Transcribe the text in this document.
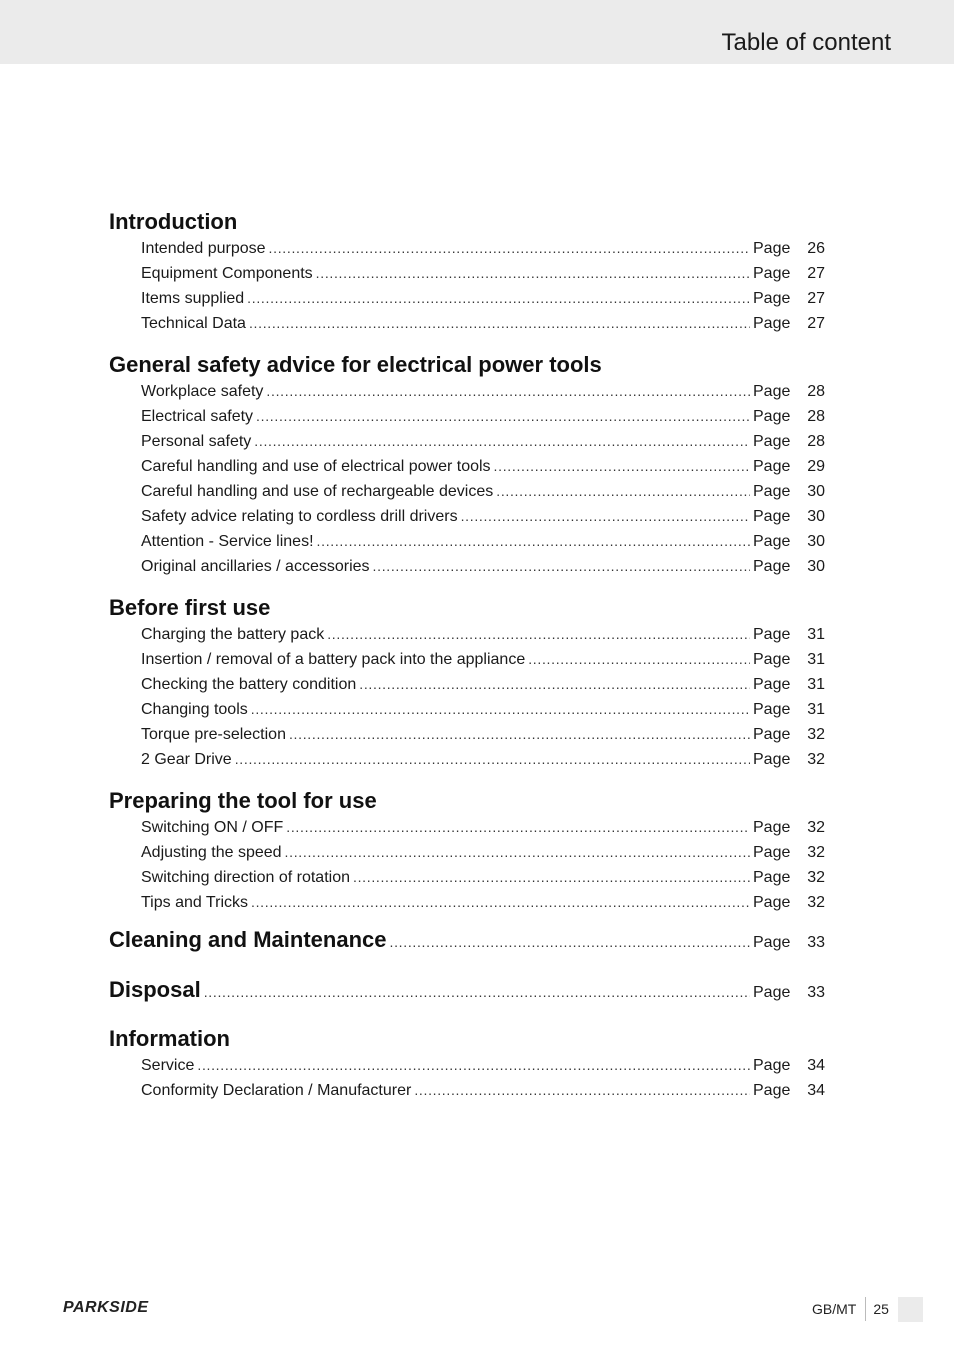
Table of content
Introduction
Intended purpose . . .	Page	26
Equipment Components . . .	Page	27
Items supplied . . .	Page	27
Technical Data . . .	Page	27
General safety advice for electrical power tools
Workplace safety . . .	Page	28
Electrical safety . . .	Page	28
Personal safety . . .	Page	28
Careful handling and use of electrical power tools . . .	Page	29
Careful handling and use of rechargeable devices . . .	Page	30
Safety advice relating to cordless drill drivers . . .	Page	30
Attention - Service lines! . . .	Page	30
Original ancillaries / accessories . . .	Page	30
Before first use
Charging the battery pack . . .	Page	31
Insertion / removal of a battery pack into the appliance . . .	Page	31
Checking the battery condition . . .	Page	31
Changing tools . . .	Page	31
Torque pre-selection . . .	Page	32
2 Gear Drive . . .	Page	32
Preparing the tool for use
Switching ON / OFF . . .	Page	32
Adjusting the speed . . .	Page	32
Switching direction of rotation . . .	Page	32
Tips and Tricks . . .	Page	32
Cleaning and Maintenance . . .	Page	33
Disposal . . .	Page	33
Information
Service . . .	Page	34
Conformity Declaration / Manufacturer . . .	Page	34
PARKSIDE	GB/MT	25
